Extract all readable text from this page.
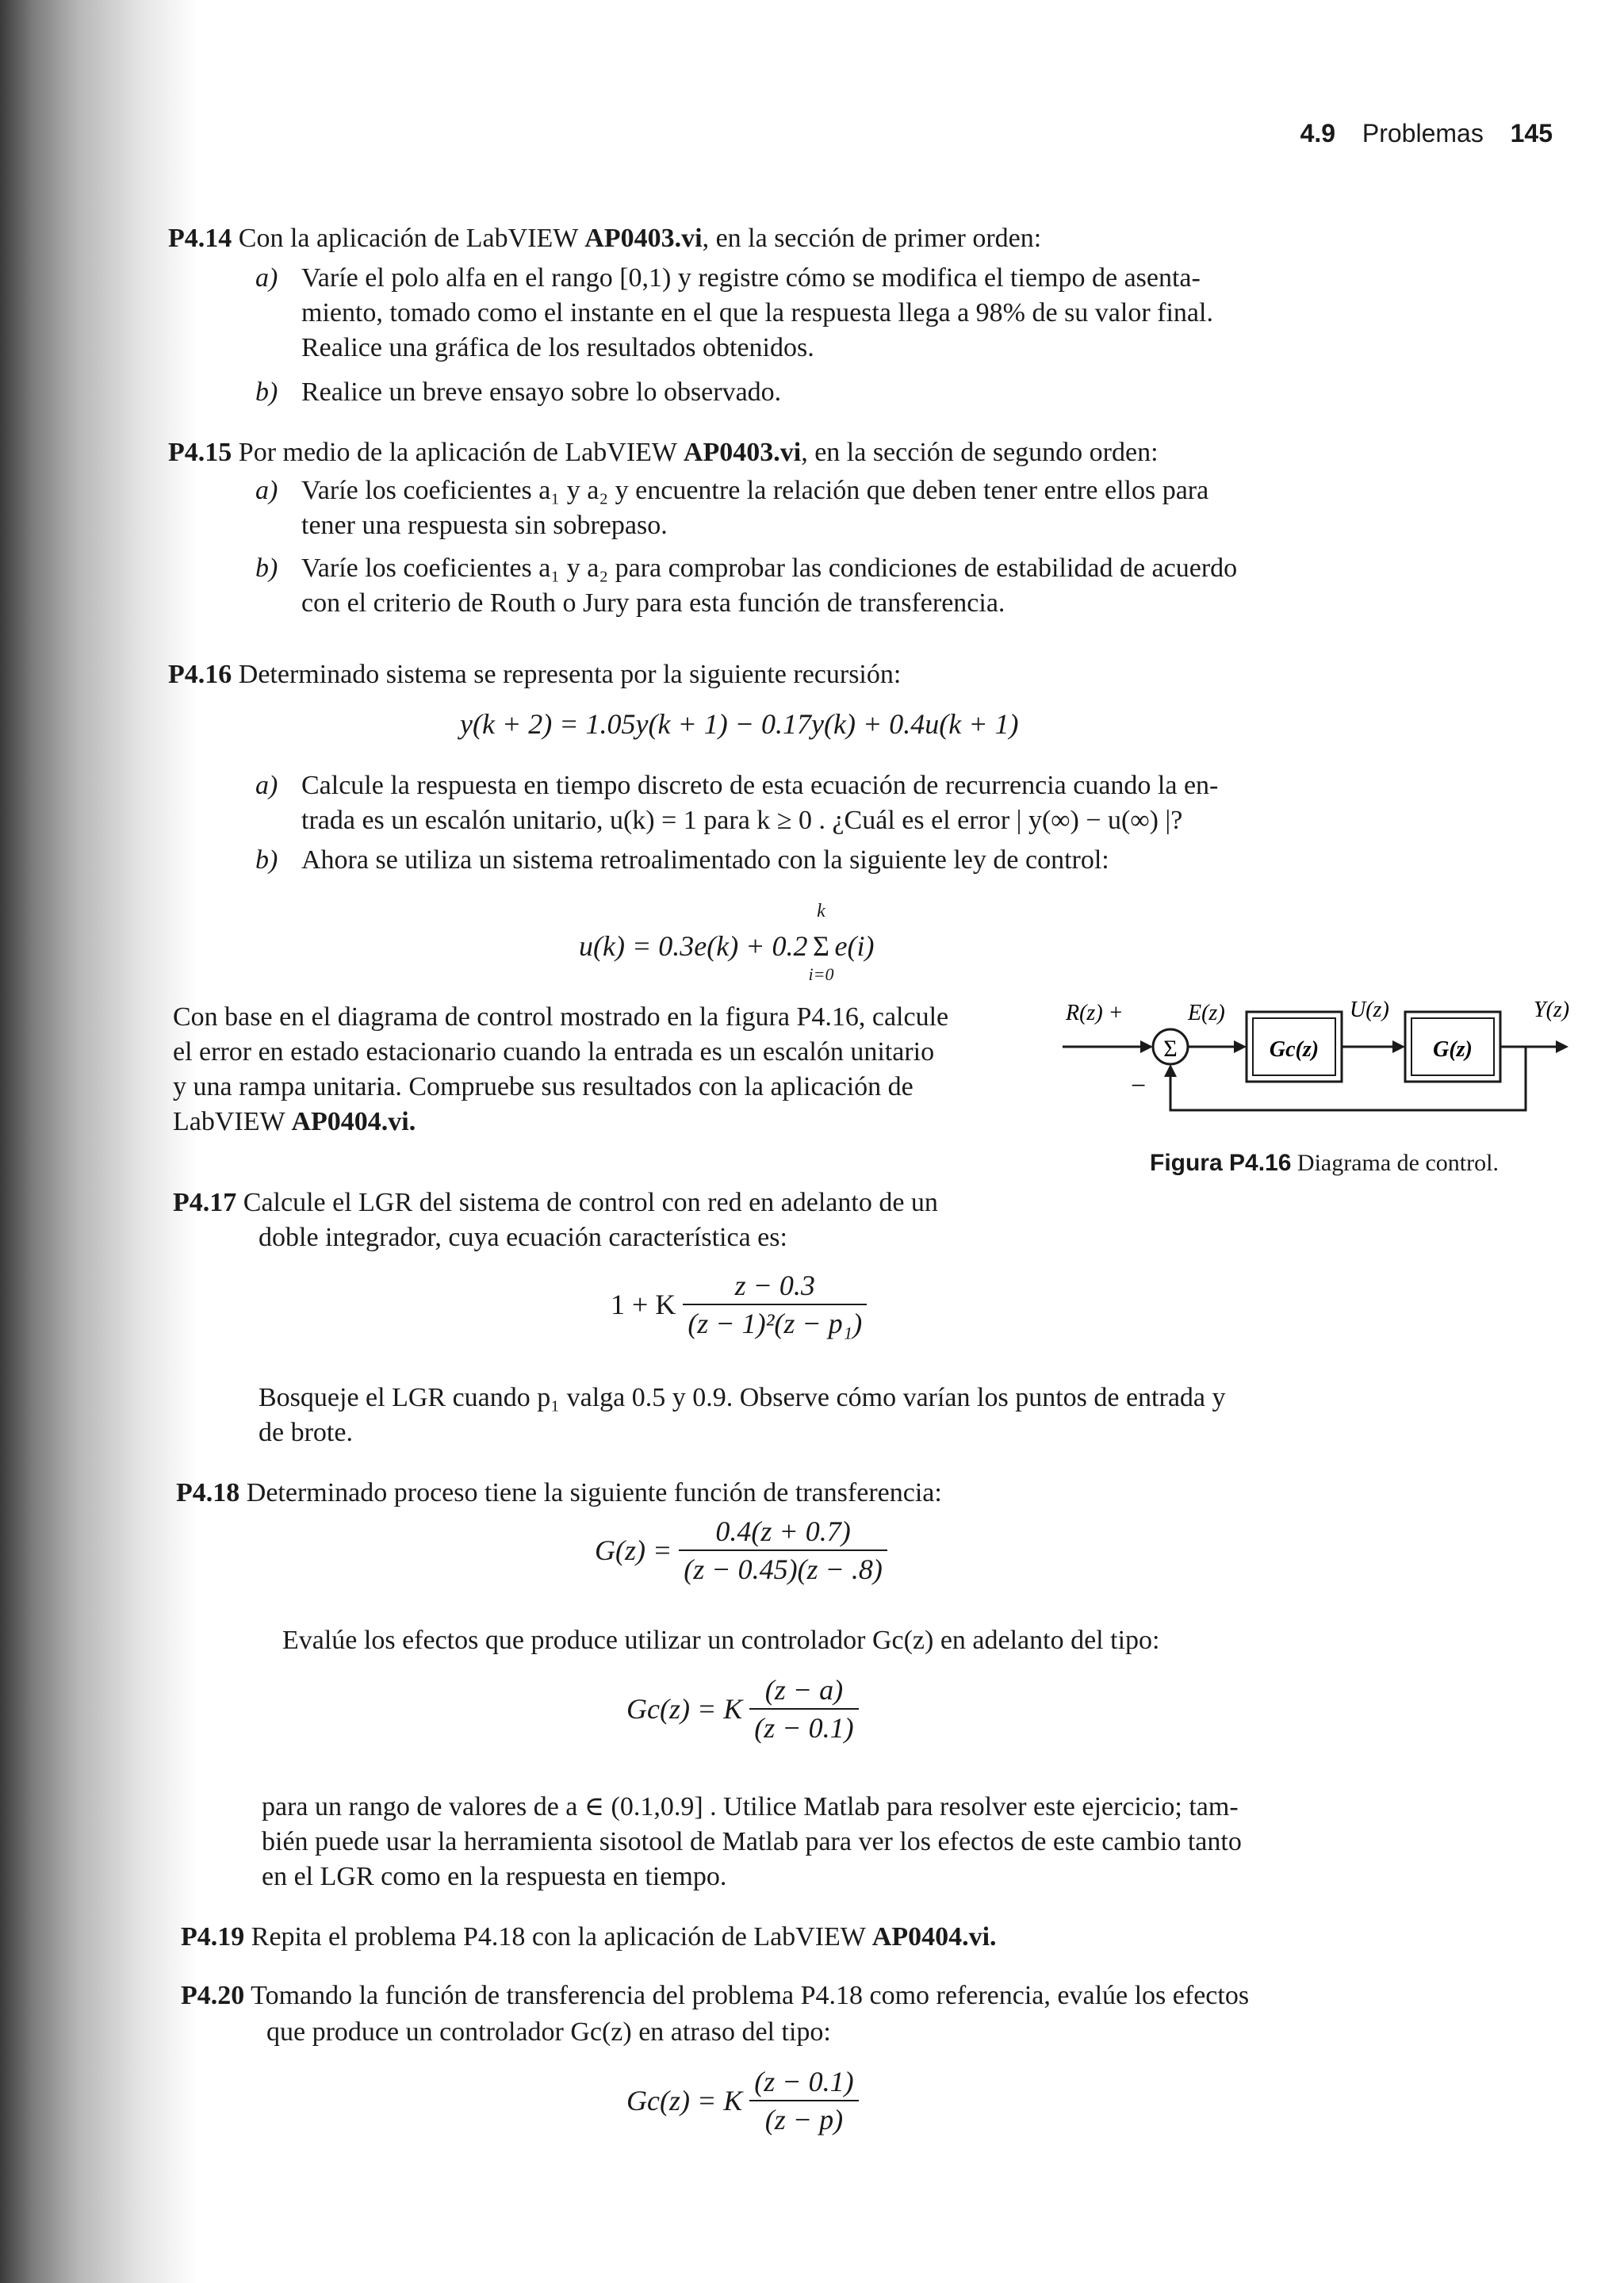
4.9 Problemas 145
P4.14 Con la aplicación de LabVIEW AP0403.vi, en la sección de primer orden:
a) Varíe el polo alfa en el rango [0,1) y registre cómo se modifica el tiempo de asenta-
miento, tomado como el instante en el que la respuesta llega a 98% de su valor final.
Realice una gráfica de los resultados obtenidos.
b) Realice un breve ensayo sobre lo observado.
P4.15 Por medio de la aplicación de LabVIEW AP0403.vi, en la sección de segundo orden:
a) Varíe los coeficientes a₁ y a₂ y encuentre la relación que deben tener entre ellos para
tener una respuesta sin sobrepaso.
b) Varíe los coeficientes a₁ y a₂ para comprobar las condiciones de estabilidad de acuerdo
con el criterio de Routh o Jury para esta función de transferencia.
P4.16 Determinado sistema se representa por la siguiente recursión:
y(k + 2) = 1.05y(k + 1) − 0.17y(k) + 0.4u(k + 1)
a) Calcule la respuesta en tiempo discreto de esta ecuación de recurrencia cuando la en-
trada es un escalón unitario, u(k) = 1 para k ≥ 0 . ¿Cuál es el error | y(∞) − u(∞) |?
b) Ahora se utiliza un sistema retroalimentado con la siguiente ley de control:
u(k) = 0.3e(k) + 0.2
k
Σ
i=0
e(i)
Con base en el diagrama de control mostrado en la figura P4.16, calcule
el error en estado estacionario cuando la entrada es un escalón unitario
y una rampa unitaria. Compruebe sus resultados con la aplicación de
LabVIEW AP0404.vi.
R(z) +
Σ
−
E(z)
Gc(z)
U(z)
G(z)
Y(z)
Figura P4.16 Diagrama de control.
P4.17 Calcule el LGR del sistema de control con red en adelanto de un
doble integrador, cuya ecuación característica es:
1 + K $\frac{z - 0.3}{\text{(z − 1)²(z − p₁)}}$
Bosqueje el LGR cuando p₁ valga 0.5 y 0.9. Observe cómo varían los puntos de entrada y
de brote.
P4.18 Determinado proceso tiene la siguiente función de transferencia:
$G(z) = \frac{0.4(z + 0.7)}{(z - 0.45)(z - .8)}$
Evalúe los efectos que produce utilizar un controlador Gc(z) en adelanto del tipo:
Gc(z) = K $\frac{(z - a)}{(z - 0.1)}$
para un rango de valores de a ∈ (0.1,0.9] . Utilice Matlab para resolver este ejercicio; tam-
bién puede usar la herramienta sisotool de Matlab para ver los efectos de este cambio tanto
en el LGR como en la respuesta en tiempo.
P4.19 Repita el problema P4.18 con la aplicación de LabVIEW AP0404.vi.
P4.20 Tomando la función de transferencia del problema P4.18 como referencia, evalúe los efectos
que produce un controlador Gc(z) en atraso del tipo:
Gc(z) = K $\frac{(z - 0.1)}{(z - p)}$
